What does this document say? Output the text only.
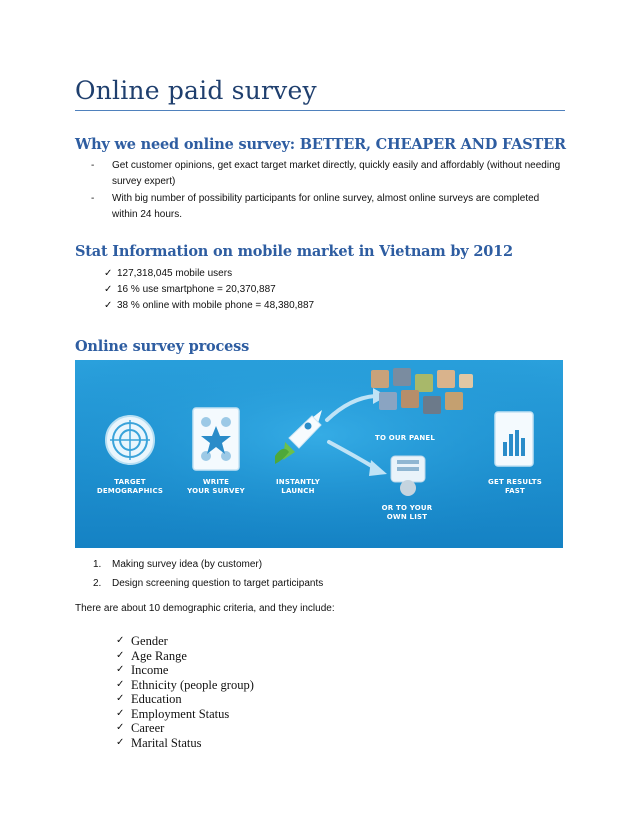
Online paid survey
Why we need online survey: BETTER, CHEAPER AND FASTER
- Get customer opinions, get exact target market directly, quickly easily and affordably (without needing survey expert)
- With big number of possibility participants for online survey, almost online surveys are completed within 24 hours.
Stat Information on mobile market in Vietnam by 2012
✓ 127,318,045 mobile users
✓ 16 % use smartphone = 20,370,887
✓ 38 % online with mobile phone = 48,380,887
Online survey process
TARGET
DEMOGRAPHICS
WRITE
YOUR SURVEY
INSTANTLY
LAUNCH
TO OUR PANEL
OR TO YOUR
OWN LIST
GET RESULTS
FAST
1. Making survey idea (by customer)
2. Design screening question to target participants
There are about 10 demographic criteria, and they include:
✓ Gender
✓ Age Range
✓ Income
✓ Ethnicity (people group)
✓ Education
✓ Employment Status
✓ Career
✓ Marital Status
